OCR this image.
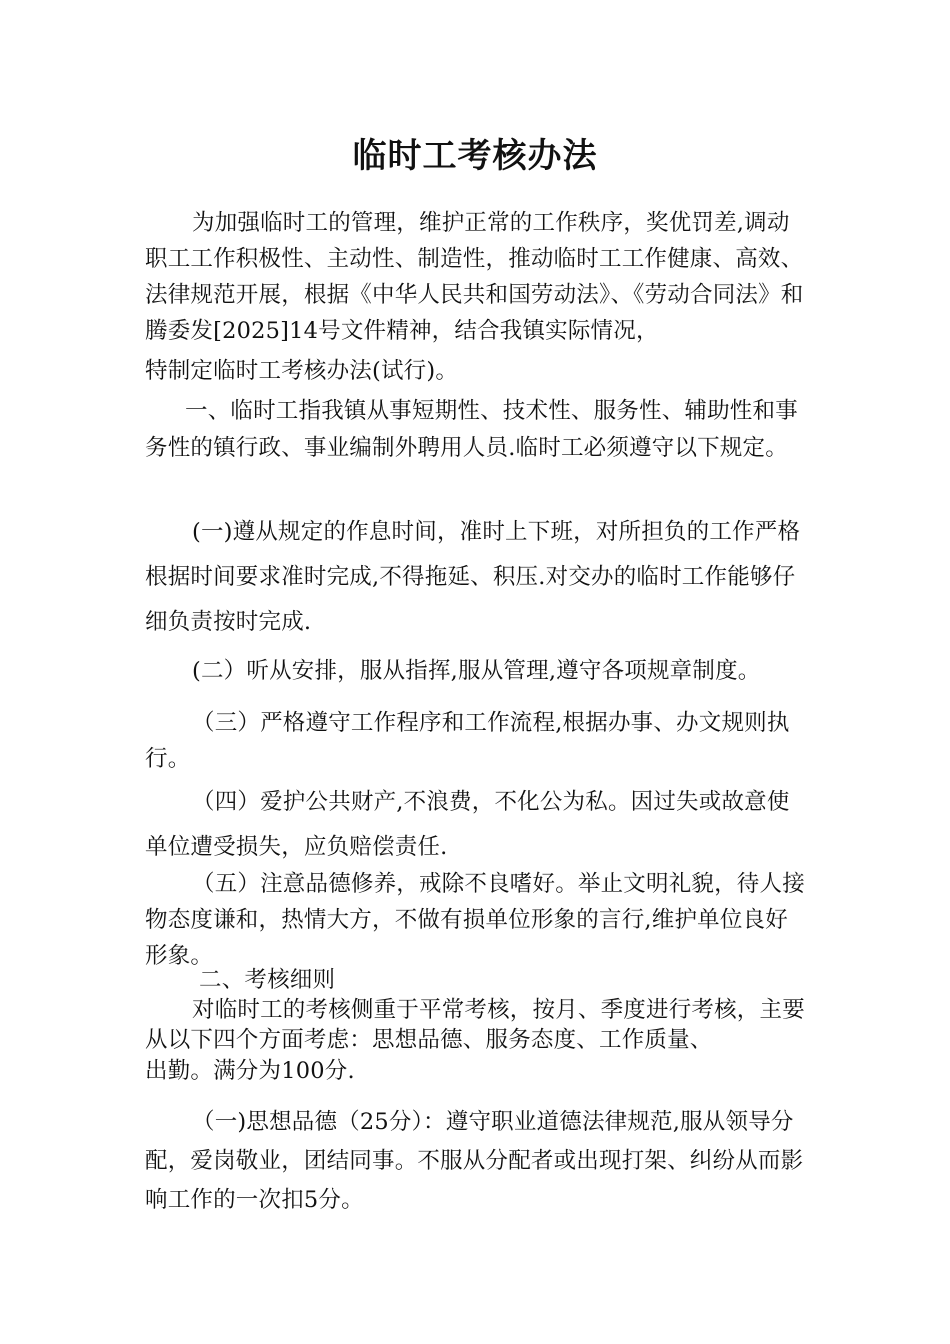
临时工考核办法
为加强临时工的管理，维护正常的工作秩序，奖优罚差,调动职工工作积极性、主动性、制造性，推动临时工工作健康、高效、法律规范开展，根据《中华人民共和国劳动法》、《劳动合同法》和腾委发[2025]14号文件精神，结合我镇实际情况，
特制定临时工考核办法(试行)。
一、临时工指我镇从事短期性、技术性、服务性、辅助性和事务性的镇行政、事业编制外聘用人员.临时工必须遵守以下规定。
(一)遵从规定的作息时间，准时上下班，对所担负的工作严格根据时间要求准时完成,不得拖延、积压.对交办的临时工作能够仔细负责按时完成.
(二）听从安排，服从指挥,服从管理,遵守各项规章制度。
（三）严格遵守工作程序和工作流程,根据办事、办文规则执行。
（四）爱护公共财产,不浪费，不化公为私。因过失或故意使单位遭受损失，应负赔偿责任.
（五）注意品德修养，戒除不良嗜好。举止文明礼貌，待人接物态度谦和，热情大方，不做有损单位形象的言行,维护单位良好形象。
二、考核细则
对临时工的考核侧重于平常考核，按月、季度进行考核，主要从以下四个方面考虑：思想品德、服务态度、工作质量、
出勤。满分为100分.
（一)思想品德（25分）：遵守职业道德法律规范,服从领导分配，爱岗敬业，团结同事。不服从分配者或出现打架、纠纷从而影响工作的一次扣5分。
